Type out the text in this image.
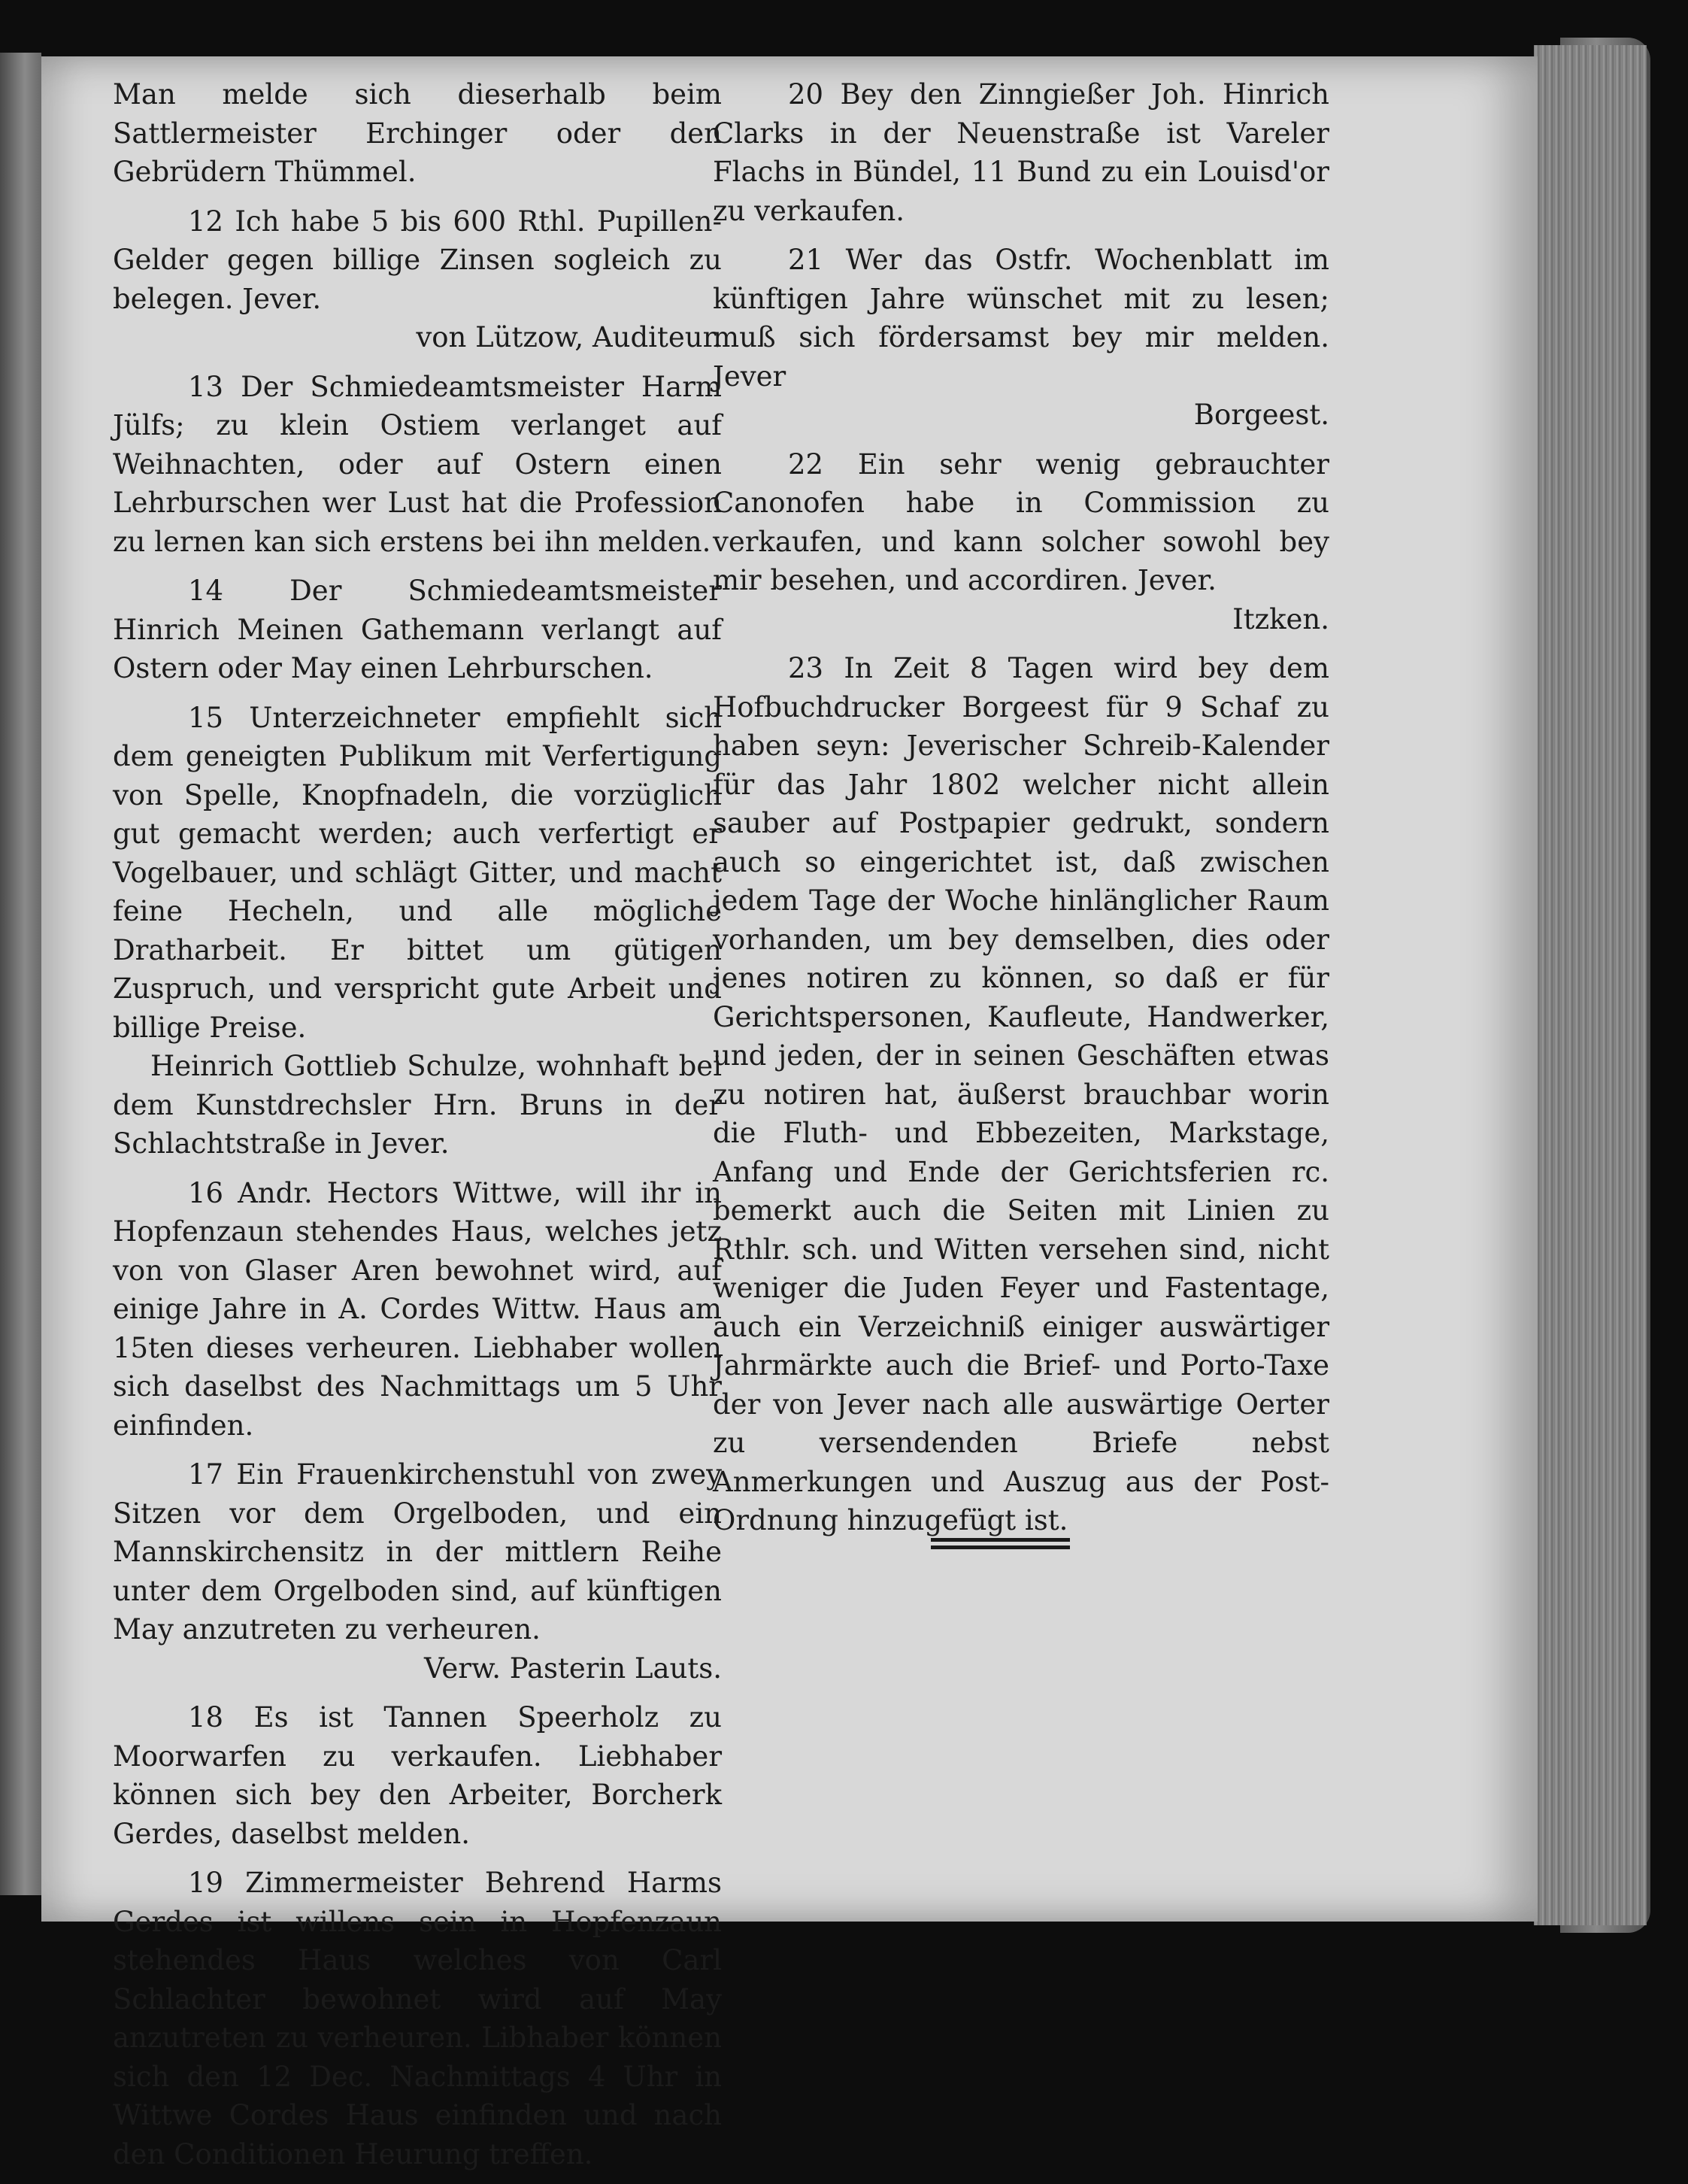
Man melde sich dieserhalb beim Sattlermeister Erchinger oder den Gebrüdern Thümmel.

12 Ich habe 5 bis 600 Rthl. Pupillen-Gelder gegen billige Zinsen sogleich zu belegen. Jever.
von Lützow, Auditeur.

13 Der Schmiedeamtsmeister Harm Jülfs; zu klein Ostiem verlanget auf Weihnachten, oder auf Ostern einen Lehrburschen wer Lust hat die Profession zu lernen kan sich erstens bei ihn melden.

14 Der Schmiedeamtsmeister Hinrich Meinen Gathemann verlangt auf Ostern oder May einen Lehrburschen.

15 Unterzeichneter empfiehlt sich dem geneigten Publikum mit Verfertigung von Spelle, Knopfnadeln, die vorzüglich gut gemacht werden; auch verfertigt er Vogelbauer, und schlägt Gitter, und macht feine Hecheln, und alle mögliche Dratharbeit. Er bittet um gütigen Zuspruch, und verspricht gute Arbeit und billige Preise.
Heinrich Gottlieb Schulze, wohnhaft bei dem Kunstdrechsler Hrn. Bruns in der Schlachtstraße in Jever.

16 Andr. Hectors Wittwe, will ihr in Hopfenzaun stehendes Haus, welches jetz von von Glaser Aren bewohnet wird, auf einige Jahre in A. Cordes Wittw. Haus am 15ten dieses verheuren. Liebhaber wollen sich daselbst des Nachmittags um 5 Uhr einfinden.

17 Ein Frauenkirchenstuhl von zwey Sitzen vor dem Orgelboden, und ein Mannskirchensitz in der mittlern Reihe unter dem Orgelboden sind, auf künftigen May anzutreten zu verheuren.
Verw. Pasterin Lauts.

18 Es ist Tannen Speerholz zu Moorwarfen zu verkaufen. Liebhaber können sich bey den Arbeiter, Borcherk Gerdes, daselbst melden.

19 Zimmermeister Behrend Harms Gerdes ist willens sein in Hopfenzaun stehendes Haus welches von Carl Schlachter bewohnet wird auf May anzutreten zu verheuren. Libhaber können sich den 12 Dec. Nachmittags 4 Uhr in Wittwe Cordes Haus einfinden und nach den Conditionen Heurung treffen.

20 Bey den Zinngießer Joh. Hinrich Clarks in der Neuenstraße ist Vareler Flachs in Bündel, 11 Bund zu ein Louisd'or zu verkaufen.

21 Wer das Ostfr. Wochenblatt im künftigen Jahre wünschet mit zu lesen; muß sich fördersamst bey mir melden. Jever
Borgeest.

22 Ein sehr wenig gebrauchter Canonofen habe in Commission zu verkaufen, und kann solcher sowohl bey mir besehen, und accordiren. Jever.
Itzken.

23 In Zeit 8 Tagen wird bey dem Hofbuchdrucker Borgeest für 9 Schaf zu haben seyn: Jeverischer Schreib-Kalender für das Jahr 1802 welcher nicht allein sauber auf Postpapier gedrukt, sondern auch so eingerichtet ist, daß zwischen jedem Tage der Woche hinlänglicher Raum vorhanden, um bey demselben, dies oder jenes notiren zu können, so daß er für Gerichtspersonen, Kaufleute, Handwerker, und jeden, der in seinen Geschäften etwas zu notiren hat, äußerst brauchbar worin die Fluth- und Ebbezeiten, Markstage, Anfang und Ende der Gerichtsferien rc. bemerkt auch die Seiten mit Linien zu Rthlr. sch. und Witten versehen sind, nicht weniger die Juden Feyer und Fastentage, auch ein Verzeichniß einiger auswärtiger Jahrmärkte auch die Brief- und Porto-Taxe der von Jever nach alle auswärtige Oerter zu versendenden Briefe nebst Anmerkungen und Auszug aus der Post-Ordnung hinzugefügt ist.
